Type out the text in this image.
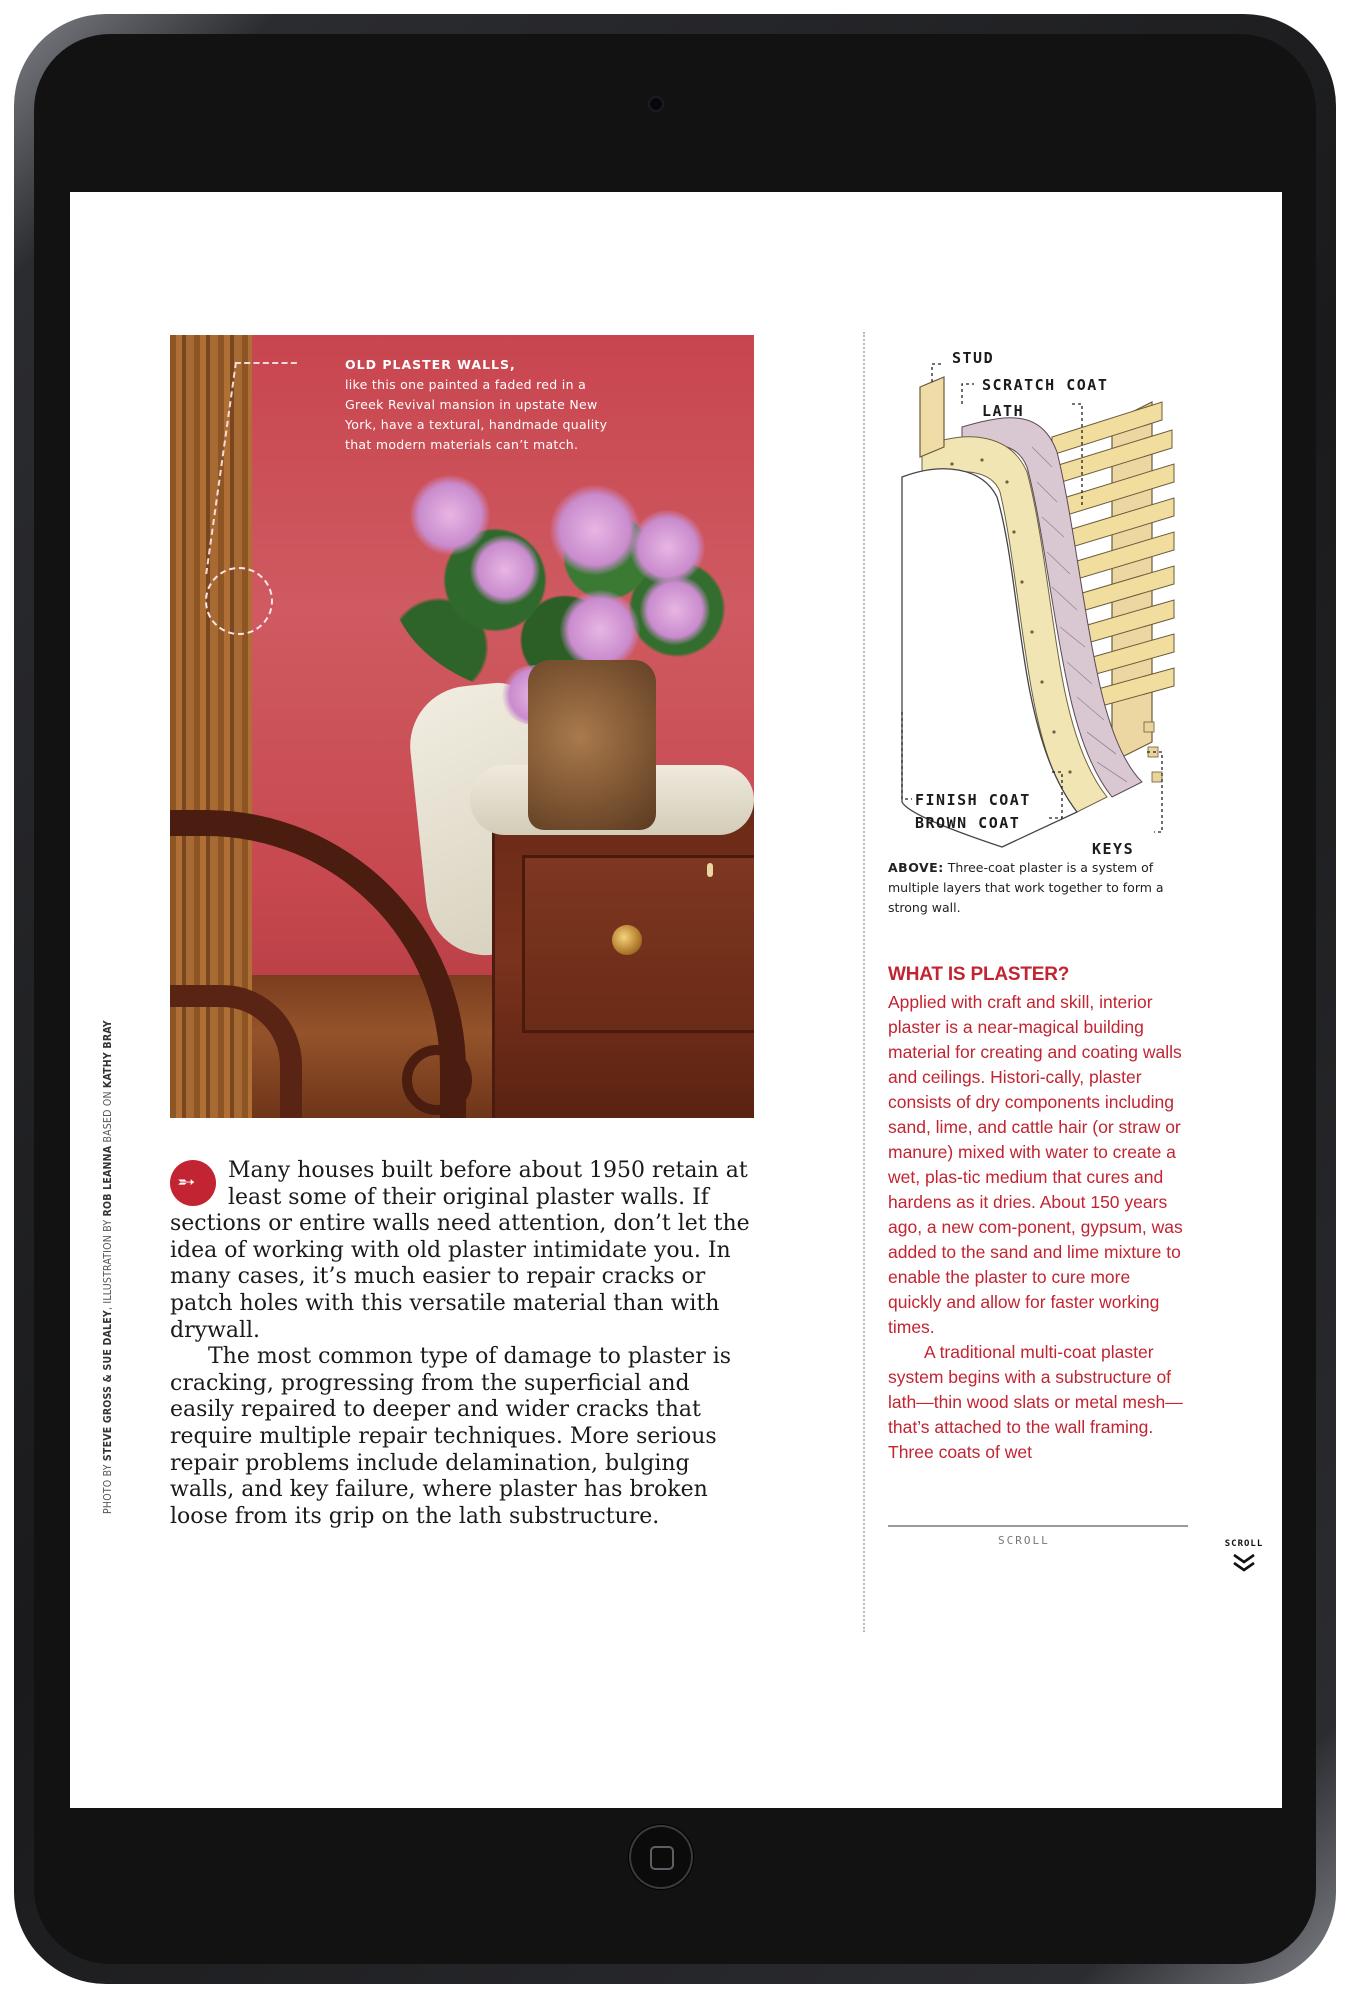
OLD PLASTER WALLS,
like this one painted a faded red in a Greek Revival mansion in upstate New York, have a textural, handmade quality that modern materials can’t match.
➵	Many houses built before about 1950 retain at least some of their original plaster walls. If sections or entire walls need attention, don’t let the idea of working with old plaster intimidate you. In many cases, it’s much easier to repair cracks or patch holes with this versatile material than with drywall.

The most common type of damage to plaster is cracking, progressing from the superficial and easily repaired to deeper and wider cracks that require multiple repair techniques. More serious repair problems include delamination, bulging walls, and key failure, where plaster has broken loose from its grip on the lath substructure.

PHOTO BY STEVE GROSS & SUE DALEY, ILLUSTRATION BY ROB LEANNA BASED ON KATHY BRAY
STUD
SCRATCH COAT
LATH
FINISH COAT
BROWN COAT
KEYS
ABOVE: Three-coat plaster is a system of multiple layers that work together to form a strong wall.
WHAT IS PLASTER?

Applied with craft and skill, interior plaster is a near-magical building material for creating and coating walls and ceilings. Histori-cally, plaster consists of dry components including sand, lime, and cattle hair (or straw or manure) mixed with water to create a wet, plas-tic medium that cures and hardens as it dries. About 150 years ago, a new com-ponent, gypsum, was added to the sand and lime mixture to enable the plaster to cure more quickly and allow for faster working times.

A traditional multi-coat plaster system begins with a substructure of lath—thin wood slats or metal mesh—that’s attached to the wall framing. Three coats of wet

SCROLL	SCROLL
